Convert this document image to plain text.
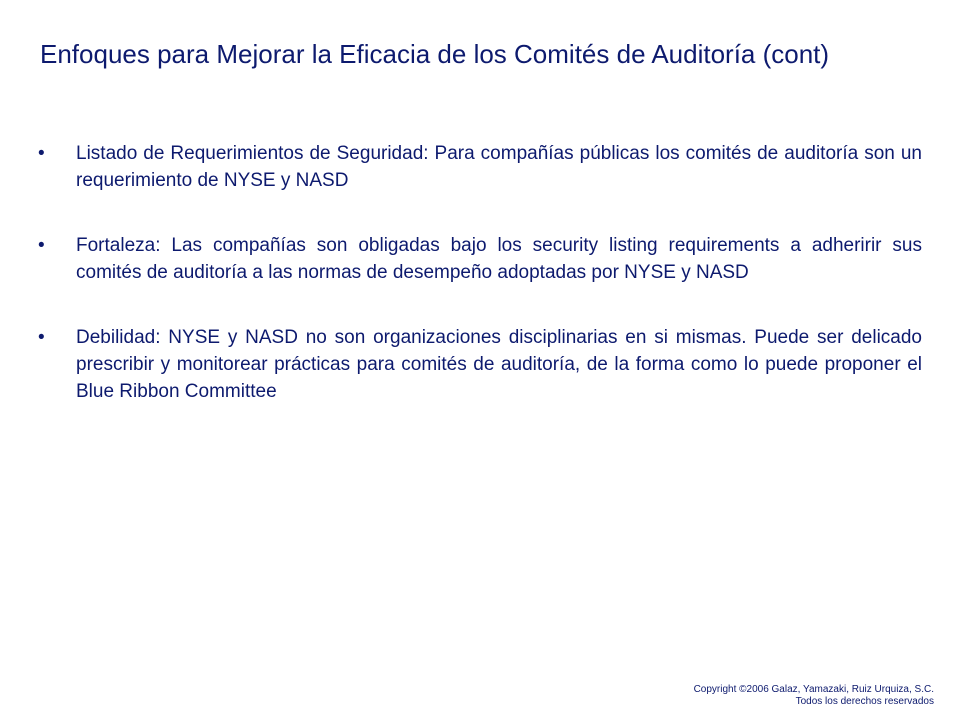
Enfoques para Mejorar la Eficacia de los Comités de Auditoría (cont)
•	Listado de Requerimientos de Seguridad: Para compañías públicas los comités de auditoría son un requerimiento de NYSE y NASD
•	Fortaleza: Las compañías son obligadas bajo los security listing requirements a adheririr sus comités de auditoría a las normas de desempeño adoptadas por NYSE y NASD
•	Debilidad: NYSE y NASD no son organizaciones disciplinarias en si mismas. Puede ser delicado prescribir y monitorear prácticas para comités de auditoría, de la forma como lo puede proponer el Blue Ribbon Committee
Copyright ©2006 Galaz, Yamazaki, Ruiz Urquiza, S.C.
Todos los derechos reservados
